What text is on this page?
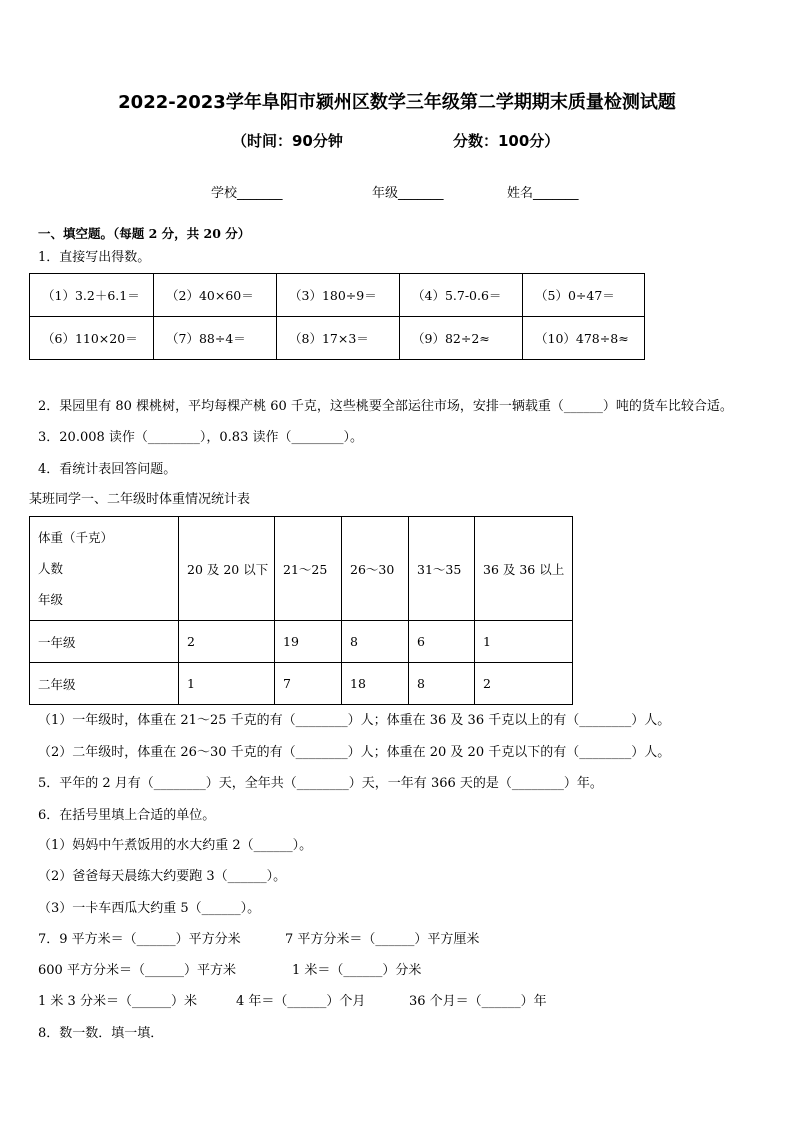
2022-2023学年阜阳市颍州区数学三年级第二学期期末质量检测试题
（时间：90分钟	分数：100分）
学校_______	年级_______	姓名_______
一、填空题。（每题 2 分，共 20 分）
1．直接写出得数。
（1）3.2＋6.1＝	（2）40×60＝	（3）180÷9＝	（4）5.7-0.6＝	（5）0÷47＝
（6）110×20＝	（7）88÷4＝	（8）17×3＝	（9）82÷2≈	（10）478÷8≈
2．果园里有 80 棵桃树，平均每棵产桃 60 千克，这些桃要全部运往市场，安排一辆载重（______）吨的货车比较合适。
3．20.008 读作（________），0.83 读作（________）。
4．看统计表回答问题。
某班同学一、二年级时体重情况统计表
体重（千克）
人数
年级	20 及 20 以下	21～25	26～30	31～35	36 及 36 以上
一年级	2	19	8	6	1
二年级	1	7	18	8	2
（1）一年级时，体重在 21～25 千克的有（________）人；体重在 36 及 36 千克以上的有（________）人。
（2）二年级时，体重在 26～30 千克的有（________）人；体重在 20 及 20 千克以下的有（________）人。
5．平年的 2 月有（________）天，全年共（________）天，一年有 366 天的是（________）年。
6．在括号里填上合适的单位。
（1）妈妈中午煮饭用的水大约重 2（______）。
（2）爸爸每天晨练大约要跑 3（______）。
（3）一卡车西瓜大约重 5（______）。
7．9 平方米＝（______）平方分米	7 平方分米＝（______）平方厘米
600 平方分米＝（______）平方米	1 米＝（______）分米
1 米 3 分米＝（______）米	4 年＝（______）个月	36 个月＝（______）年
8．数一数．填一填．
